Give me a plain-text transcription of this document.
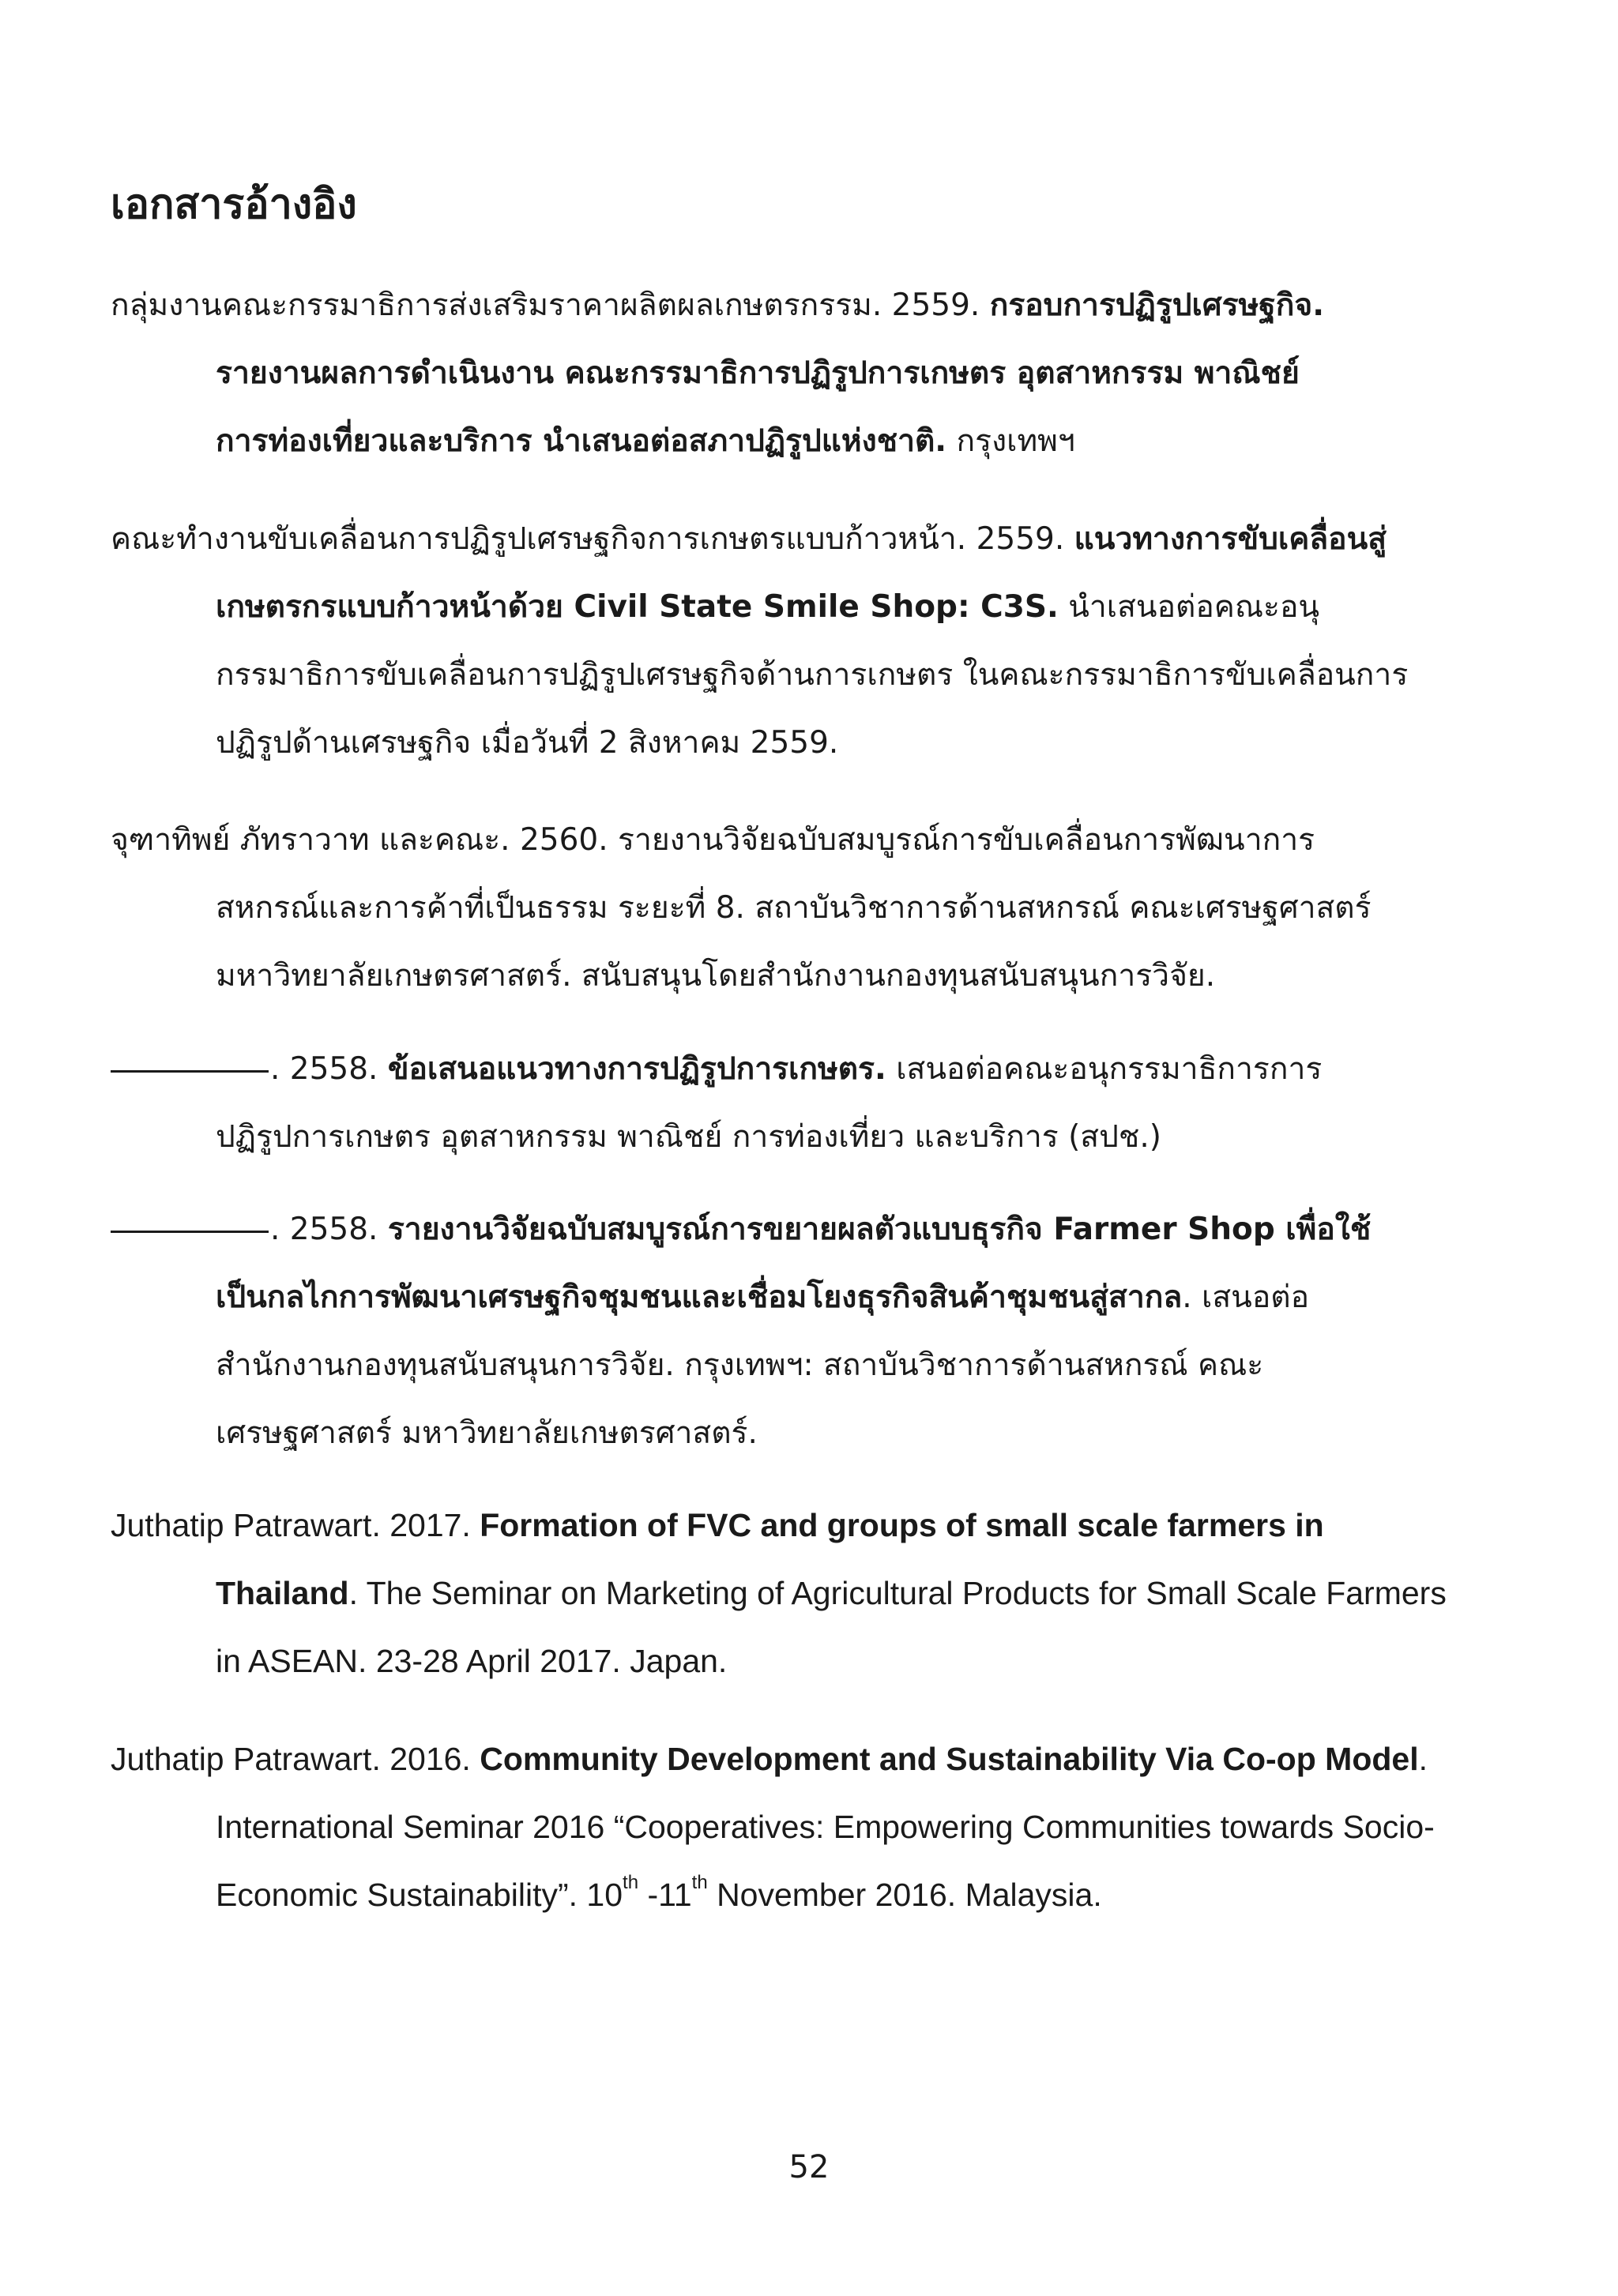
เอกสารอ้างอิง
กลุ่มงานคณะกรรมาธิการส่งเสริมราคาผลิตผลเกษตรกรรม. 2559. กรอบการปฏิรูปเศรษฐกิจ.
รายงานผลการดำเนินงาน คณะกรรมาธิการปฏิรูปการเกษตร อุตสาหกรรม พาณิชย์
การท่องเที่ยวและบริการ นำเสนอต่อสภาปฏิรูปแห่งชาติ. กรุงเทพฯ
คณะทำงานขับเคลื่อนการปฏิรูปเศรษฐกิจการเกษตรแบบก้าวหน้า. 2559. แนวทางการขับเคลื่อนสู่
เกษตรกรแบบก้าวหน้าด้วย Civil State Smile Shop: C3S. นำเสนอต่อคณะอนุ
กรรมาธิการขับเคลื่อนการปฏิรูปเศรษฐกิจด้านการเกษตร ในคณะกรรมาธิการขับเคลื่อนการ
ปฏิรูปด้านเศรษฐกิจ เมื่อวันที่ 2 สิงหาคม 2559.
จุฑาทิพย์ ภัทราวาท และคณะ. 2560. รายงานวิจัยฉบับสมบูรณ์การขับเคลื่อนการพัฒนาการ
สหกรณ์และการค้าที่เป็นธรรม ระยะที่ 8. สถาบันวิชาการด้านสหกรณ์ คณะเศรษฐศาสตร์
มหาวิทยาลัยเกษตรศาสตร์. สนับสนุนโดยสำนักงานกองทุนสนับสนุนการวิจัย.
. 2558. ข้อเสนอแนวทางการปฏิรูปการเกษตร. เสนอต่อคณะอนุกรรมาธิการการ
ปฏิรูปการเกษตร อุตสาหกรรม พาณิชย์ การท่องเที่ยว และบริการ (สปช.)
. 2558. รายงานวิจัยฉบับสมบูรณ์การขยายผลตัวแบบธุรกิจ Farmer Shop เพื่อใช้
เป็นกลไกการพัฒนาเศรษฐกิจชุมชนและเชื่อมโยงธุรกิจสินค้าชุมชนสู่สากล. เสนอต่อ
สำนักงานกองทุนสนับสนุนการวิจัย. กรุงเทพฯ: สถาบันวิชาการด้านสหกรณ์ คณะ
เศรษฐศาสตร์ มหาวิทยาลัยเกษตรศาสตร์.
Juthatip Patrawart. 2017. Formation of FVC and groups of small scale farmers in
Thailand. The Seminar on Marketing of Agricultural Products for Small Scale Farmers
in ASEAN. 23-28 April 2017. Japan.
Juthatip Patrawart. 2016. Community Development and Sustainability Via Co-op Model.
International Seminar 2016 “Cooperatives: Empowering Communities towards Socio-
Economic Sustainability”. 10th -11th November 2016. Malaysia.

52
